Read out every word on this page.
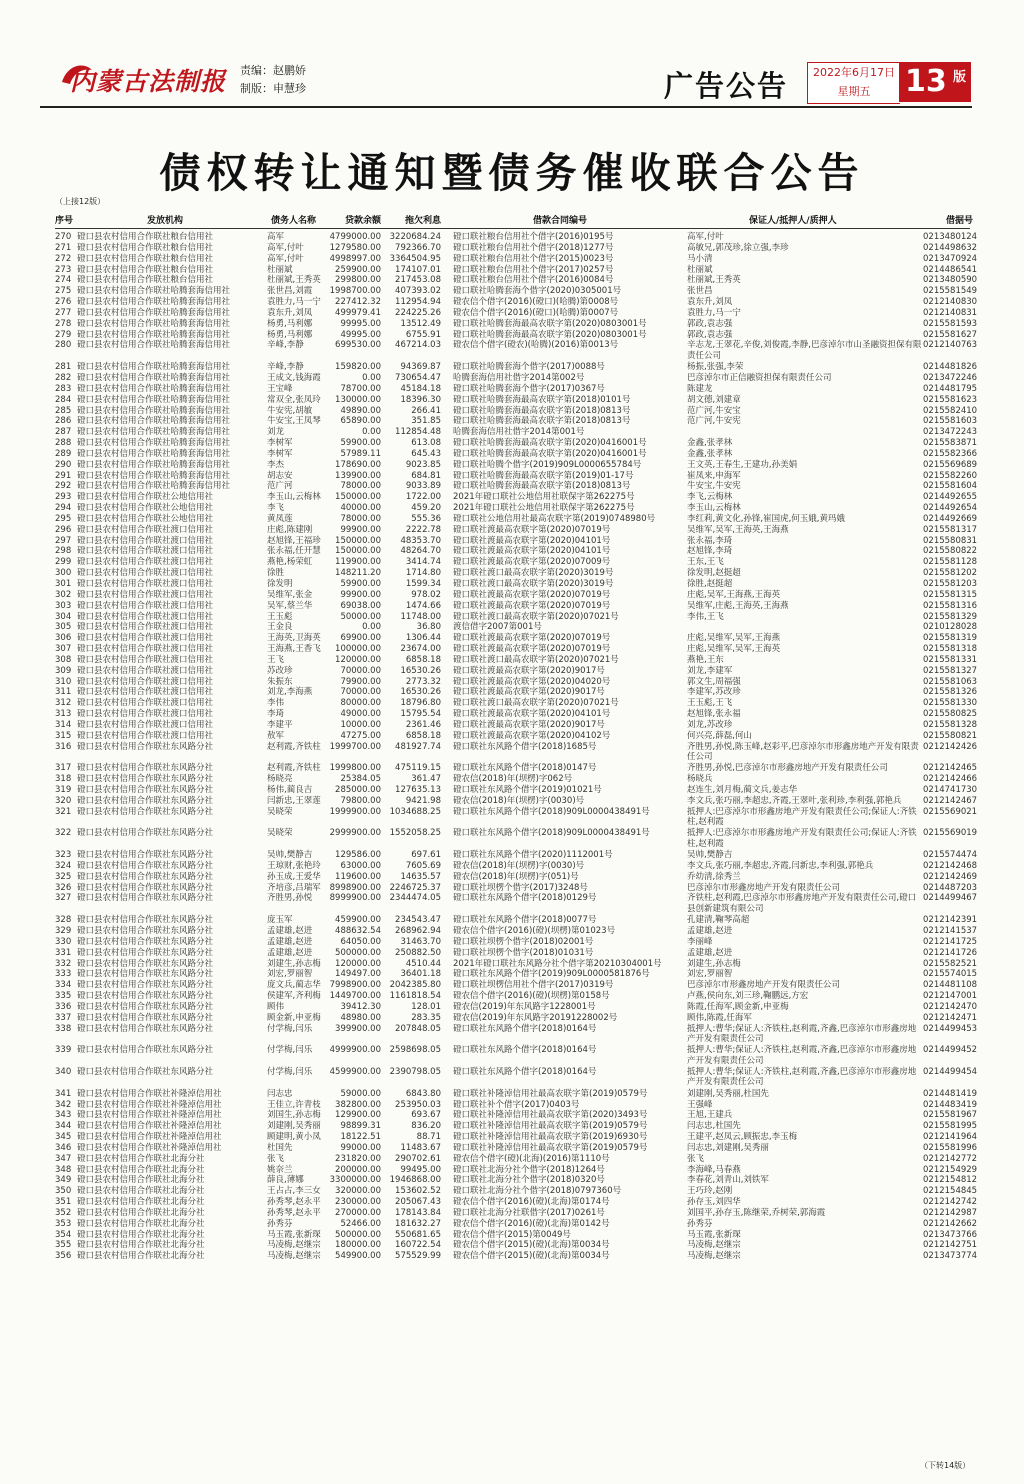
内蒙古法制报 责编：赵鹏娇
制版：申慧珍	广告公告	2022年6月17日
星期五	13 版
债权转让通知暨债务催收联合公告
（上接12版）
序号	发放机构	债务人名称	贷款余额	拖欠利息	借款合同编号	保证人/抵押人/质押人	借据号
270 磴口县农村信用合作联社粮台信用社	高军	4799000.00	3220684.24 磴口联社粮台信用社个借字(2016)0195号	高军,付叶	0213480124
271 磴口县农村信用合作联社粮台信用社	高军,付叶	1279580.00	792366.70 磴口联社粮台信用社个借字(2018)1277号	高敏兄,郭茂珍,徐立强,李珍	0214498632
272 磴口县农村信用合作联社粮台信用社	高军,付叶	4998997.00	3364504.95 磴口联社粮台信用社个借字(2015)0023号	马小清	0213470924
273 磴口县农村信用合作联社粮台信用社	杜丽斌	259900.00	174107.01 磴口联社粮台信用社个借字(2017)0257号	杜丽斌	0214486541
274 磴口县农村信用合作联社粮台信用社	杜丽斌,王秀英	299800.00	217453.08 磴口联社粮台信用社个借字(2016)0084号	杜丽斌,王秀英	0213480590
275 磴口县农村信用合作联社哈腾套海信用社	张世昌,刘霞	1998700.00	407393.02 磴口联社哈腾套海个借字(2020)0305001号	张世昌	0215581549
276 磴口县农村信用合作联社哈腾套海信用社	袁胜力,马一宁	227412.32	112954.94 磴农信个借字(2016)(磴口)(哈腾)第0008号	袁东升,刘凤	0212140830
277 磴口县农村信用合作联社哈腾套海信用社	袁东升,刘凤	499979.41	224225.26 磴农信个借字(2016)(磴口)(哈腾)第0007号	袁胜力,马一宁	0212140831
278 磴口县农村信用合作联社哈腾套海信用社	杨勇,马利娜	99995.00	13512.49 磴口联社哈腾套海最高农联字第(2020)0803001号	郭政,袁志强	0215581593
279 磴口县农村信用合作联社哈腾套海信用社	杨勇,马利娜	49995.00	6755.91 磴口联社哈腾套海最高农联字第(2020)0803001号	郭政,袁志强	0215581627
280 磴口县农村信用合作联社哈腾套海信用社	辛峰,李静	699530.00	467214.03 磴农信个借字(磴农)(哈腾)(2016)第0013号	辛志龙,王翠花,辛俊,刘俊霞,李静,巴彦淖尔市山圣融资担保有限责任公司
0212140763
281 磴口县农村信用合作联社哈腾套海信用社	辛峰,李静	159820.00	94369.87 磴口联社哈腾套海个借字(2017)0088号	杨振,张强,李荣	0214481826
282 磴口县农村信用合作联社哈腾套海信用社	王成文,钱海霞	0.00	730654.47 哈腾套海信用社借字2014第002号	巴彦淖尔市正信融资担保有限责任公司	0213472246
283 磴口县农村信用合作联社哈腾套海信用社	王宝峰	78700.00	45184.18 磴口联社哈腾套海个借字(2017)0367号	陈建龙	0214481795
284 磴口县农村信用合作联社哈腾套海信用社	常双全,张凤玲	130000.00	18396.30 磴口联社哈腾套海最高农联字第(2018)0101号	胡文德,刘建章	0215581623
285 磴口县农村信用合作联社哈腾套海信用社	牛安宪,胡敏	49890.00	266.41 磴口联社哈腾套海最高农联字第(2018)0813号	范广河,牛安宝	0215582410
286 磴口县农村信用合作联社哈腾套海信用社	牛安宝,王凤琴	65890.00	351.85 磴口联社哈腾套海最高农联字第(2018)0813号	范广河,牛安宪	0215581603
287 磴口县农村信用合作联社哈腾套海信用社	刘龙	0.00	112854.48 哈腾套海信用社借字2014第001号	0213472243
288 磴口县农村信用合作联社哈腾套海信用社	李树军	59900.00	613.08 磴口联社哈腾套海最高农联字第(2020)0416001号	金鑫,张孝林	0215583871
289 磴口县农村信用合作联社哈腾套海信用社	李树军	57989.11	645.43 磴口联社哈腾套海最高农联字第(2020)0416001号	金鑫,张孝林	0215582366
290 磴口县农村信用合作联社哈腾套海信用社	李杰	178690.00	9023.85 磴口联社哈腾个借字(2019)909L0000655784号	王文英,王春生,王建功,孙美娟	0215569689
291 磴口县农村信用合作联社哈腾套海信用社	胡志安	139900.00	684.81 磴口联社哈腾套海最高农联字第(2019)01-17号	崔凤来,申海军	0215582260
292 磴口县农村信用合作联社哈腾套海信用社	范广河	78000.00	9033.89 磴口联社哈腾套海最高农联字第(2018)0813号	牛安宝,牛安宪	0215581604
293 磴口县农村信用合作联社公地信用社	李玉山,云梅林	150000.00	1722.00 2021年磴口联社公地信用社联保字第262275号	李飞,云梅林	0214492655
294 磴口县农村信用合作联社公地信用社	李飞	40000.00	459.20 2021年磴口联社公地信用社联保字第262275号	李玉山,云梅林	0214492654
295 磴口县农村信用合作联社公地信用社	黄凤莲	78000.00	555.36 磴口联社公地信用社最高农联字第(2019)0748980号	李红莉,黄文化,孙锋,崔国虎,何玉娥,黄玛娥	0214492669
296 磴口县农村信用合作联社渡口信用社	庄彪,陈建刚	99900.00	2222.78 磴口联社渡最高农联字第(2020)07019号	吴维军,吴军,王海英,王海燕	0215581317
297 磴口县农村信用合作联社渡口信用社	赵旭锋,王福珍	150000.00	48353.70 磴口联社渡最高农联字第(2020)04101号	张永福,李琦	0215580831
298 磴口县农村信用合作联社渡口信用社	张永福,任开慧	150000.00	48264.70 磴口联社渡最高农联字第(2020)04101号	赵旭锋,李琦	0215580822
299 磴口县农村信用合作联社渡口信用社	燕艳,杨荣虹	119900.00	3414.74 磴口联社渡最高农联字第(2020)07009号	王东,王飞	0215581128
300 磴口县农村信用合作联社渡口信用社	徐胜	148211.20	1714.80 磴口联社渡口最高农联字第(2020)3019号	徐发明,赵挺超	0215581202
301 磴口县农村信用合作联社渡口信用社	徐发明	59900.00	1599.34 磴口联社渡口最高农联字第(2020)3019号	徐胜,赵挺超	0215581203
302 磴口县农村信用合作联社渡口信用社	吴维军,张金	99900.00	978.02 磴口联社渡最高农联字第(2020)07019号	庄彪,吴军,王海燕,王海英	0215581315
303 磴口县农村信用合作联社渡口信用社	吴军,蔡兰华	69038.00	1474.66 磴口联社渡最高农联字第(2020)07019号	吴维军,庄彪,王海英,王海燕	0215581316
304 磴口县农村信用合作联社渡口信用社	王玉彪	50000.00	11748.00 磴口联社渡口最高农联字第(2020)07021号	李伟,王飞	0215581329
305 磴口县农村信用合作联社渡口信用社	王金良	0.00	36.80 渡信借字2007第001号	0210128028
306 磴口县农村信用合作联社渡口信用社	王海英,卫海英	69900.00	1306.44 磴口联社渡最高农联字第(2020)07019号	庄彪,吴维军,吴军,王海燕	0215581319
307 磴口县农村信用合作联社渡口信用社	王海燕,王香飞	100000.00	23674.00 磴口联社渡最高农联字第(2020)07019号	庄彪,吴维军,吴军,王海英	0215581318
308 磴口县农村信用合作联社渡口信用社	王飞	120000.00	6858.18 磴口联社渡口最高农联字第(2020)07021号	燕艳,王东	0215581331
309 磴口县农村信用合作联社渡口信用社	苏改珍	70000.00	16530.26 磴口联社渡最高农联字第(2020)9017号	刘龙,李建军	0215581327
310 磴口县农村信用合作联社渡口信用社	朱振东	79900.00	2773.32 磴口联社渡最高农联字第(2020)04020号	郭文生,周福强	0215581063
311 磴口县农村信用合作联社渡口信用社	刘龙,李海燕	70000.00	16530.26 磴口联社渡最高农联字第(2020)9017号	李建军,苏改珍	0215581326
312 磴口县农村信用合作联社渡口信用社	李伟	80000.00	18796.80 磴口联社渡口最高农联字第(2020)07021号	王玉彪,王飞	0215581330
313 磴口县农村信用合作联社渡口信用社	李琦	49000.00	15795.54 磴口联社渡最高农联字第(2020)04101号	赵旭锋,张永福	0215580825
314 磴口县农村信用合作联社渡口信用社	李建平	10000.00	2361.46 磴口联社渡最高农联字第(2020)9017号	刘龙,苏改珍	0215581328
315 磴口县农村信用合作联社渡口信用社	敖军	47275.00	6858.18 磴口联社渡最高农联字第(2020)04102号	何兴亮,薛磊,何山	0215580821
316 磴口县农村信用合作联社东风路分社	赵利霞,齐铁柱	1999700.00	481927.74 磴口联社东风路个借字(2018)1685号	齐胜男,孙悦,陈玉峰,赵彩平,巴彦淖尔市形鑫房地产开发有限责任公司
0212142426
317 磴口县农村信用合作联社东风路分社	赵利霞,齐铁柱	1999800.00	475119.15 磴口联社东风路个借字(2018)0147号	齐胜男,孙悦,巴彦淖尔市形鑫房地产开发有限责任公司	0212142465
318 磴口县农村信用合作联社东风路分社	杨晓亮	25384.05	361.47 磴农信(2018)年(坝楞)字062号	杨晓兵	0212142466
319 磴口县农村信用合作联社东风路分社	杨伟,蔺良吉	285000.00	127635.13 磴口联社东风路个借字(2019)01021号	赵连生,刘月梅,蔺文兵,姜志华	0214741730
320 磴口县农村信用合作联社东风路分社	闫新忠,王翠莲	79800.00	9421.98 磴农信(2018)年(坝楞)字(0030)号	李文兵,张巧丽,李超忠,齐霞,王翠叶,张利珍,李利强,郭艳兵	0212142467
321 磴口县农村信用合作联社东风路分社	吴晓荣	1999900.00	1034688.25 磴口联社东风路个借字(2018)909L0000438491号	抵押人:巴彦淖尔市形鑫房地产开发有限责任公司;保证人:齐铁柱,赵利霞
0215569021
322 磴口县农村信用合作联社东风路分社	吴晓荣	2999900.00	1552058.25 磴口联社东风路个借字(2018)909L0000438491号	抵押人:巴彦淖尔市形鑫房地产开发有限责任公司;保证人:齐铁柱,赵利霞
0215569019
323 磴口县农村信用合作联社东风路分社	吴帅,樊静吉	129586.00	697.61 磴口联社东风路个借字(2020)1112001号	吴帅,樊静吉	0215574474
324 磴口县农村信用合作联社东风路分社	王琼财,张艳玲	63000.00	7605.69 磴农信(2018)年(坝楞)字(0030)号	李文兵,张巧丽,李超忠,齐霞,闫新忠,李利强,郭艳兵	0212142468
325 磴口县农村信用合作联社东风路分社	孙玉成,王爱华	119600.00	14635.57 磴农信(2018)年(坝楞)字(051)号	乔幼清,徐秀兰	0212142469
326 磴口县农村信用合作联社东风路分社	齐培彦,吕瑞军	8998900.00	2246725.37 磴口联社坝楞个借字(2017)3248号	巴彦淖尔市形鑫房地产开发有限责任公司	0214487203
327 磴口县农村信用合作联社东风路分社	齐胜男,孙悦	8999900.00	2344474.05 磴口联社东风路个借字(2018)0129号	齐铁柱,赵利霞,巴彦淖尔市形鑫房地产开发有限责任公司,磴口县创新建筑有限公司
0214499467
328 磴口县农村信用合作联社东风路分社	庞玉军	459900.00	234543.47 磴口联社东风路个借字(2018)0077号	孔建清,鞠琴高超	0212142391
329 磴口县农村信用合作联社东风路分社	孟建雄,赵进	488632.54	268962.94 磴农信个借字(2016)(磴)(坝楞)第01023号	孟建雄,赵进	0212141537
330 磴口县农村信用合作联社东风路分社	孟建雄,赵进	64050.00	31463.70 磴口联社坝楞个借字(2018)02001号	李丽峰	0212141725
331 磴口县农村信用合作联社东风路分社	孟建雄,赵进	500000.00	250882.50 磴口联社坝楞个借字(2018)01031号	孟建雄,赵进	0212141726
332 磴口县农村信用合作联社东风路分社	刘建生,孙志梅	120000.00	4510.44 2021年磴口联社东风路分社个借字第20210304001号	刘建生,孙志梅	0215582521
333 磴口县农村信用合作联社东风路分社	刘宏,罗丽智	149497.00	36401.18 磴口联社东风路个借字(2019)909L0000581876号	刘宏,罗丽智	0215574015
334 磴口县农村信用合作联社东风路分社	庞文兵,蔺志华	7998900.00	2042385.80 磴口联社坝楞信用社个借字(2017)0319号	巴彦淖尔市形鑫房地产开发有限责任公司	0214481108
335 磴口县农村信用合作联社东风路分社	侯建军,齐利梅	1449700.00	1161818.54 磴农信个借字(2016)(磴)(坝楞)第0158号	卢燕,侯向东,刘三珍,鞠鹏远,方宏	0212147001
336 磴口县农村信用合作联社东风路分社	顾伟	39412.30	128.01 磴农信(2019)年东风路字1228001号	陈霞,任海军,顾金新,申亚梅	0212142470
337 磴口县农村信用合作联社东风路分社	顾金新,申亚梅	48980.00	283.35 磴农信(2019)年东风路字20191228002号	顾伟,陈霞,任海军	0212142471
338 磴口县农村信用合作联社东风路分社	付学梅,闫乐	399900.00	207848.05 磴口联社东风路个借字(2018)0164号	抵押人:曹华;保证人:齐铁柱,赵利霞,齐鑫,巴彦淖尔市形鑫房地产开发有限责任公司
0214499453
339 磴口县农村信用合作联社东风路分社	付学梅,闫乐	4999900.00	2598698.05 磴口联社东风路个借字(2018)0164号	抵押人:曹华;保证人:齐铁柱,赵利霞,齐鑫,巴彦淖尔市形鑫房地产开发有限责任公司
0214499452
340 磴口县农村信用合作联社东风路分社	付学梅,闫乐	4599900.00	2390798.05 磴口联社东风路个借字(2018)0164号	抵押人:曹华;保证人:齐铁柱,赵利霞,齐鑫,巴彦淖尔市形鑫房地产开发有限责任公司
0214499454
341 磴口县农村信用合作联社补隆淖信用社	闫志忠	59000.00	6843.80 磴口联社补隆淖信用社最高农联字第(2019)0579号	刘建刚,吴秀丽,杜国先	0214481419
342 磴口县农村信用合作联社补隆淖信用社	王佳立,许青枝	382800.00	253950.03 磴口联社补个借字(2017)0403号	王强峰	0214483419
343 磴口县农村信用合作联社补隆淖信用社	刘国生,孙志梅	129900.00	693.67 磴口联社补隆淖信用社最高农联字第(2020)3493号	王旭,王建兵	0215581967
344 磴口县农村信用合作联社补隆淖信用社	刘建刚,吴秀丽	98899.31	836.20 磴口联社补隆淖信用社最高农联字第(2019)0579号	闫志忠,杜国先	0215581995
345 磴口县农村信用合作联社补隆淖信用社	顾建明,黄小凤	18122.51	88.71 磴口联社补隆淖信用社最高农联字第(2019)6930号	王建平,赵凤云,顾振忠,李玉梅	0212141964
346 磴口县农村信用合作联社补隆淖信用社	杜国先	99000.00	11483.67 磴口联社补隆淖信用社最高农联字第(2019)0579号	闫志忠,刘建刚,吴秀丽	0215581996
347 磴口县农村信用合作联社北海分社	张飞	231820.00	290702.61 磴农信个借字(磴)(北海)(2016)第1110号	张飞	0212142772
348 磴口县农村信用合作联社北海分社	姚奈兰	200000.00	99495.00 磴口联社北海分社个借字(2018)1264号	李海峰,马春燕	0212154929
349 磴口县农村信用合作联社北海分社	薛良,薄娜	3300000.00	1946868.00 磴口联社北海分社个借字(2018)0320号	李春花,刘青山,刘铁军	0212154812
350 磴口县农村信用合作联社北海分社	王占占,李三女	320000.00	153602.52 磴口联社北海分社个借字(2018)0797360号	王巧玲,赵刚	0212154845
351 磴口县农村信用合作联社北海分社	孙秀琴,赵永平	230000.00	205067.43 磴农信个借字(2016)(磴)(北海)第0174号	孙存玉,刘四华	0212142742
352 磴口县农村信用合作联社北海分社	孙秀琴,赵永平	270000.00	178143.84 磴口联社北海分社联借字(2017)0261号	刘国平,孙存玉,陈继荣,乔树荣,郭海霞	0212142987
353 磴口县农村信用合作联社北海分社	孙秀芬	52466.00	181632.27 磴农信个借字(2016)(磴)(北海)第0142号	孙秀芬	0212142662
354 磴口县农村信用合作联社北海分社	马玉霞,张新琛	500000.00	550681.65 磴农信个借字(2015)第0049号	马玉霞,张新琛	0213473766
355 磴口县农村信用合作联社北海分社	马凌梅,赵继宗	180000.00	160722.54 磴农信个借字(2015)(磴)(北海)第0034号	马凌梅,赵继宗	0212142751
356 磴口县农村信用合作联社北海分社	马凌梅,赵继宗	549900.00	575529.99 磴农信个借字(2015)(磴)(北海)第0034号	马凌梅,赵继宗	0213473774
（下转14版）
